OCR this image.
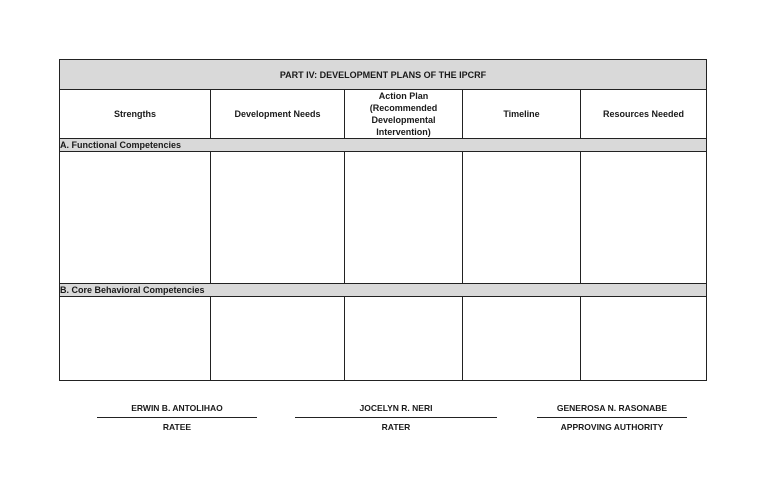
PART IV: DEVELOPMENT PLANS OF THE IPCRF				
Strengths	Development Needs	Action Plan (Recommended Developmental Intervention)	Timeline	Resources Needed
A. Functional Competencies				

B. Core Behavioral Competencies				

ERWIN B. ANTOLIHAO
RATEE
JOCELYN R. NERI
RATER
GENEROSA N. RASONABE
APPROVING AUTHORITY
